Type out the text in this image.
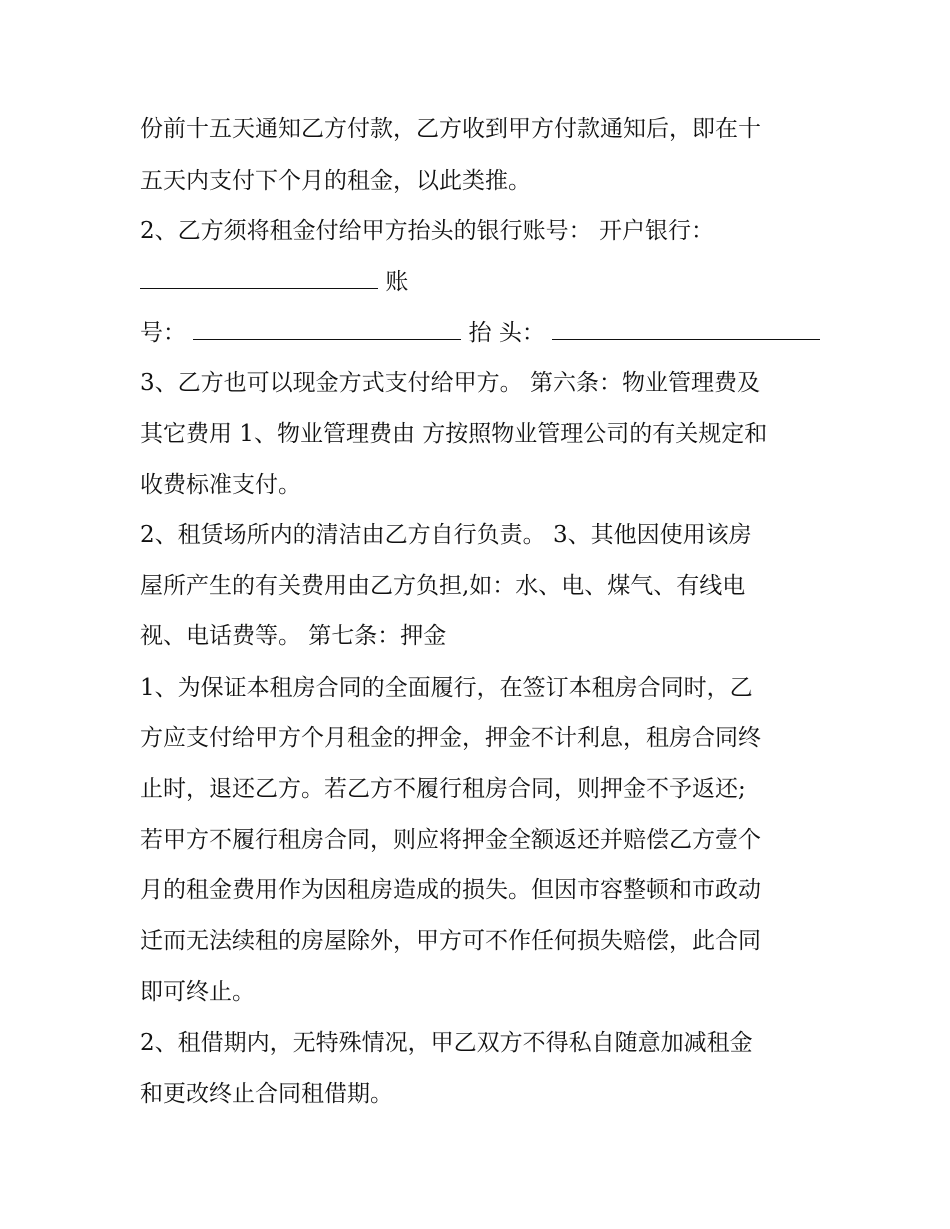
份前十五天通知乙方付款，乙方收到甲方付款通知后，即在十
五天内支付下个月的租金，以此类推。
2、乙方须将租金付给甲方抬头的银行账号： 开户银行：
账
号：	抬 头：
3、乙方也可以现金方式支付给甲方。 第六条：物业管理费及
其它费用 1、物业管理费由 方按照物业管理公司的有关规定和
收费标准支付。
2、租赁场所内的清洁由乙方自行负责。 3、其他因使用该房
屋所产生的有关费用由乙方负担,如：水、电、煤气、有线电
视、电话费等。 第七条：押金
1、为保证本租房合同的全面履行，在签订本租房合同时，乙
方应支付给甲方个月租金的押金，押金不计利息，租房合同终
止时，退还乙方。若乙方不履行租房合同，则押金不予返还;
若甲方不履行租房合同，则应将押金全额返还并赔偿乙方壹个
月的租金费用作为因租房造成的损失。但因市容整顿和市政动
迁而无法续租的房屋除外，甲方可不作任何损失赔偿，此合同
即可终止。
2、租借期内，无特殊情况，甲乙双方不得私自随意加减租金
和更改终止合同租借期。
